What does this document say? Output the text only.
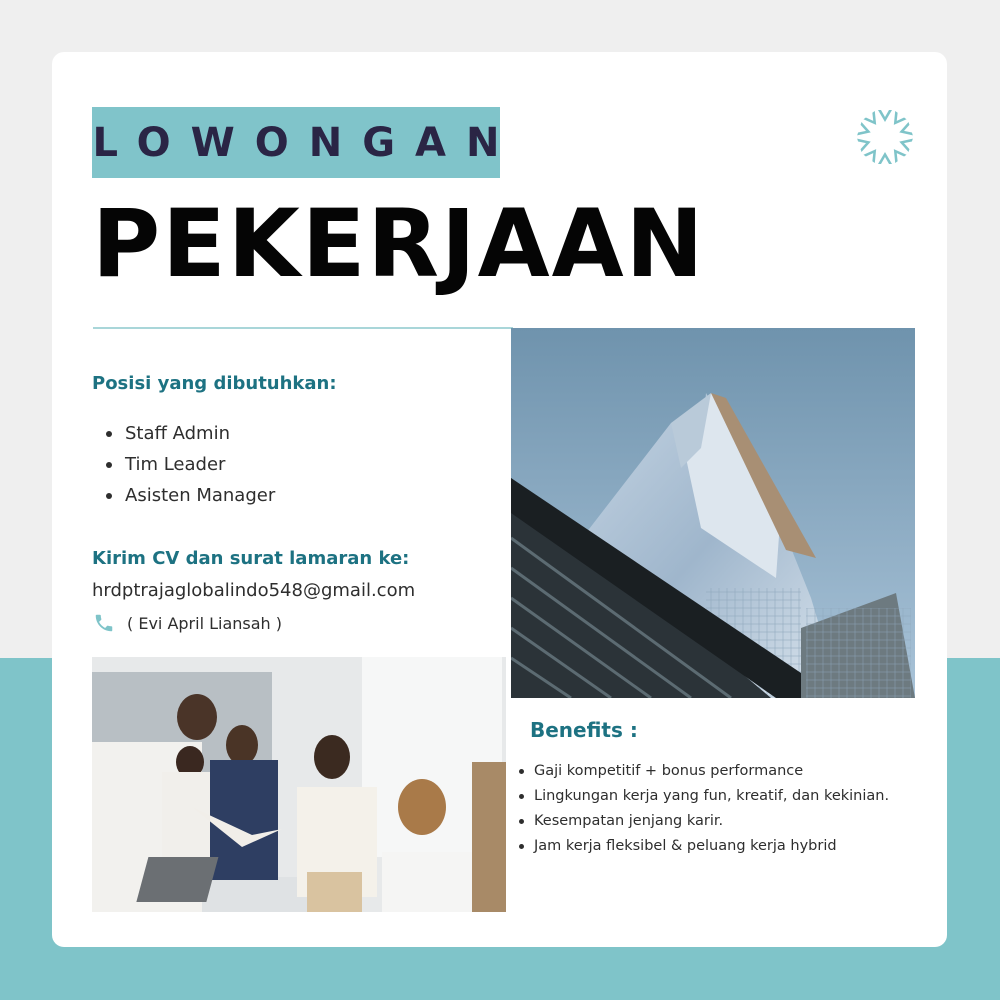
LOWONGAN
PEKERJAAN
Posisi yang dibutuhkan:
Staff Admin
Tim Leader
Asisten Manager
Kirim CV dan surat lamaran ke:
hrdptrajaglobalindo548@gmail.com
( Evi April Liansah )
Benefits :
Gaji kompetitif + bonus performance
Lingkungan kerja yang fun, kreatif, dan kekinian.
Kesempatan jenjang karir.
Jam kerja fleksibel & peluang kerja hybrid
